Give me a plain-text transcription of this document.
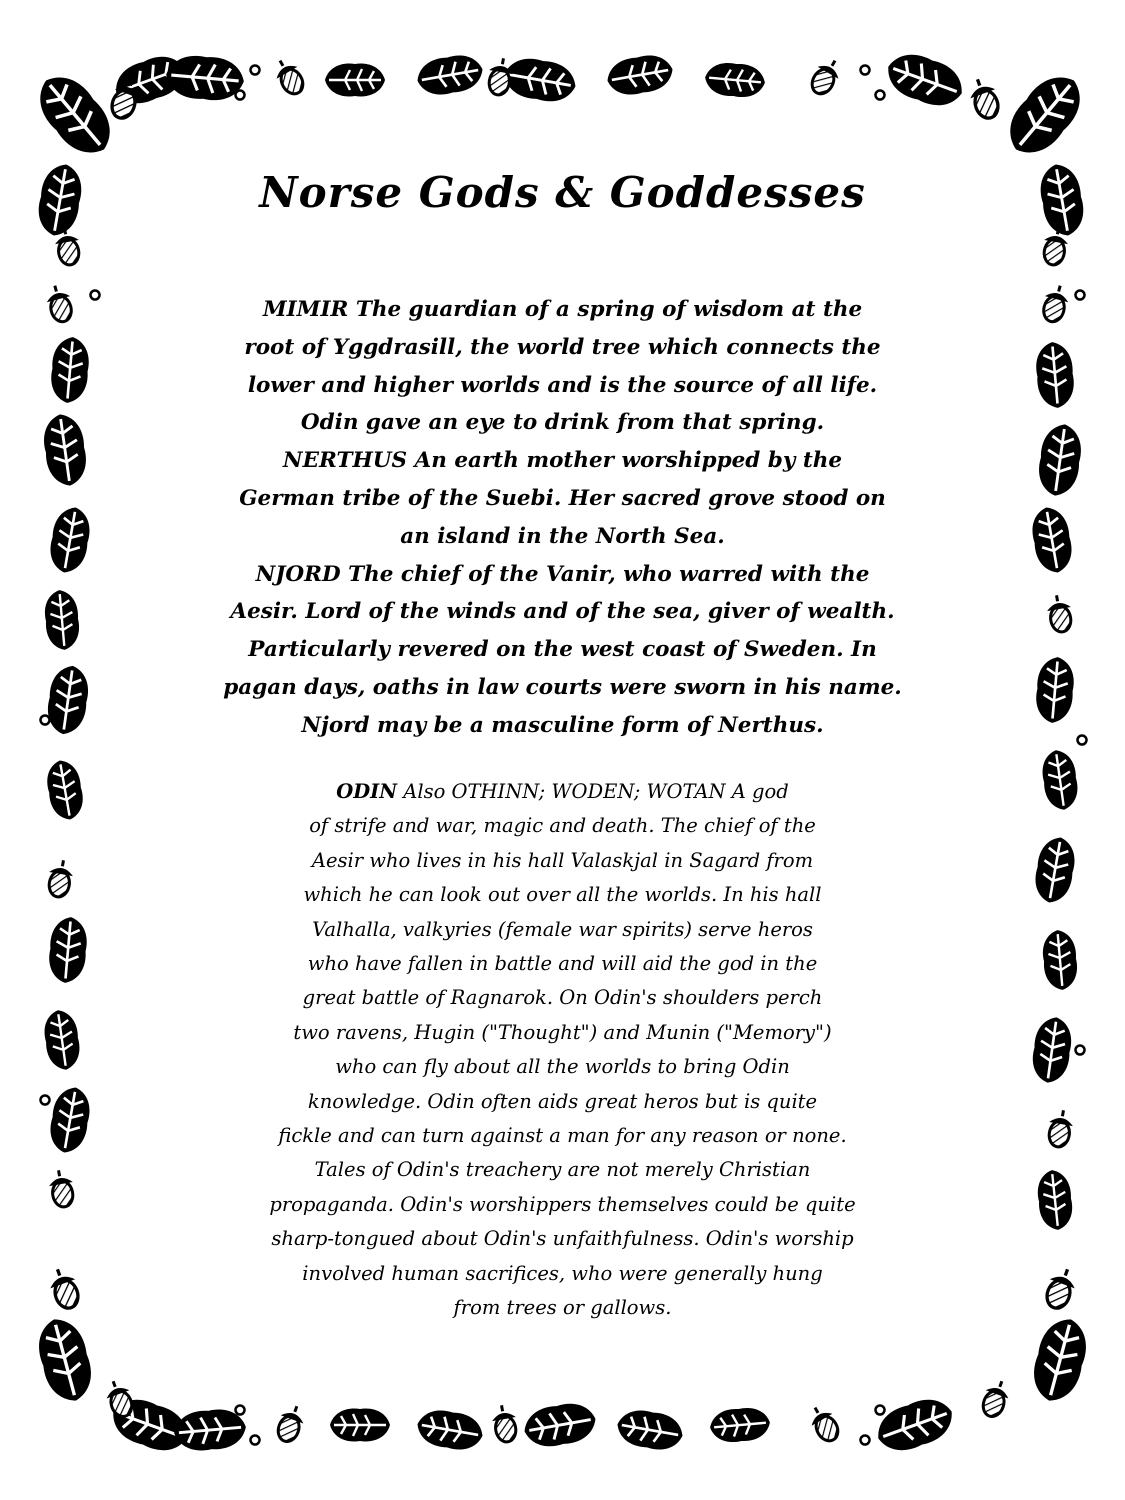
Norse Gods & Goddesses
MIMIR The guardian of a spring of wisdom at the
root of Yggdrasill, the world tree which connects the
lower and higher worlds and is the source of all life.
Odin gave an eye to drink from that spring.
NERTHUS An earth mother worshipped by the
German tribe of the Suebi. Her sacred grove stood on
an island in the North Sea.
NJORD The chief of the Vanir, who warred with the
Aesir. Lord of the winds and of the sea, giver of wealth.
Particularly revered on the west coast of Sweden. In
pagan days, oaths in law courts were sworn in his name.
Njord may be a masculine form of Nerthus.
ODIN Also OTHINN; WODEN; WOTAN A god
of strife and war, magic and death. The chief of the
Aesir who lives in his hall Valaskjal in Sagard from
which he can look out over all the worlds. In his hall
Valhalla, valkyries (female war spirits) serve heros
who have fallen in battle and will aid the god in the
great battle of Ragnarok. On Odin's shoulders perch
two ravens, Hugin ("Thought") and Munin ("Memory")
who can fly about all the worlds to bring Odin
knowledge. Odin often aids great heros but is quite
fickle and can turn against a man for any reason or none.
Tales of Odin's treachery are not merely Christian
propaganda. Odin's worshippers themselves could be quite
sharp-tongued about Odin's unfaithfulness. Odin's worship
involved human sacrifices, who were generally hung
from trees or gallows.
